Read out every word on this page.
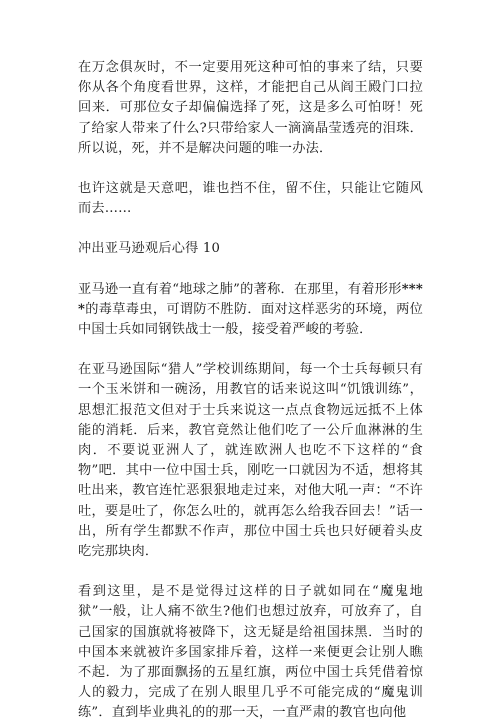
在万念俱灰时，不一定要用死这种可怕的事来了结，只要你从各个角度看世界，这样，才能把自己从阎王殿门口拉回来．可那位女子却偏偏选择了死，这是多么可怕呀！死了给家人带来了什么?只带给家人一滴滴晶莹透亮的泪珠．所以说，死，并不是解决问题的唯一办法．

也许这就是天意吧，谁也挡不住，留不住，只能让它随风而去……

冲出亚马逊观后心得 10

亚马逊一直有着“地球之肺”的著称．在那里，有着形形****的毒草毒虫，可谓防不胜防．面对这样恶劣的环境，两位中国士兵如同钢铁战士一般，接受着严峻的考验．

在亚马逊国际“猎人”学校训练期间，每一个士兵每顿只有一个玉米饼和一碗汤，用教官的话来说这叫“饥饿训练”，思想汇报范文但对于士兵来说这一点点食物远远抵不上体能的消耗．后来，教官竟然让他们吃了一公斤血淋淋的生肉．不要说亚洲人了，就连欧洲人也吃不下这样的“食物”吧．其中一位中国士兵，刚吃一口就因为不适，想将其吐出来，教官连忙恶狠狠地走过来，对他大吼一声：“不许吐，要是吐了，你怎么吐的，就再怎么给我吞回去！”话一出，所有学生都默不作声，那位中国士兵也只好硬着头皮吃完那块肉．

看到这里，是不是觉得过这样的日子就如同在“魔鬼地狱”一般，让人痛不欲生?他们也想过放弃，可放弃了，自己国家的国旗就将被降下，这无疑是给祖国抹黑．当时的中国本来就被许多国家排斥着，这样一来便更会让别人瞧不起．为了那面飘扬的五星红旗，两位中国士兵凭借着惊人的毅力，完成了在别人眼里几乎不可能完成的“魔鬼训练”．直到毕业典礼的的那一天，一直严肃的教官也向他
